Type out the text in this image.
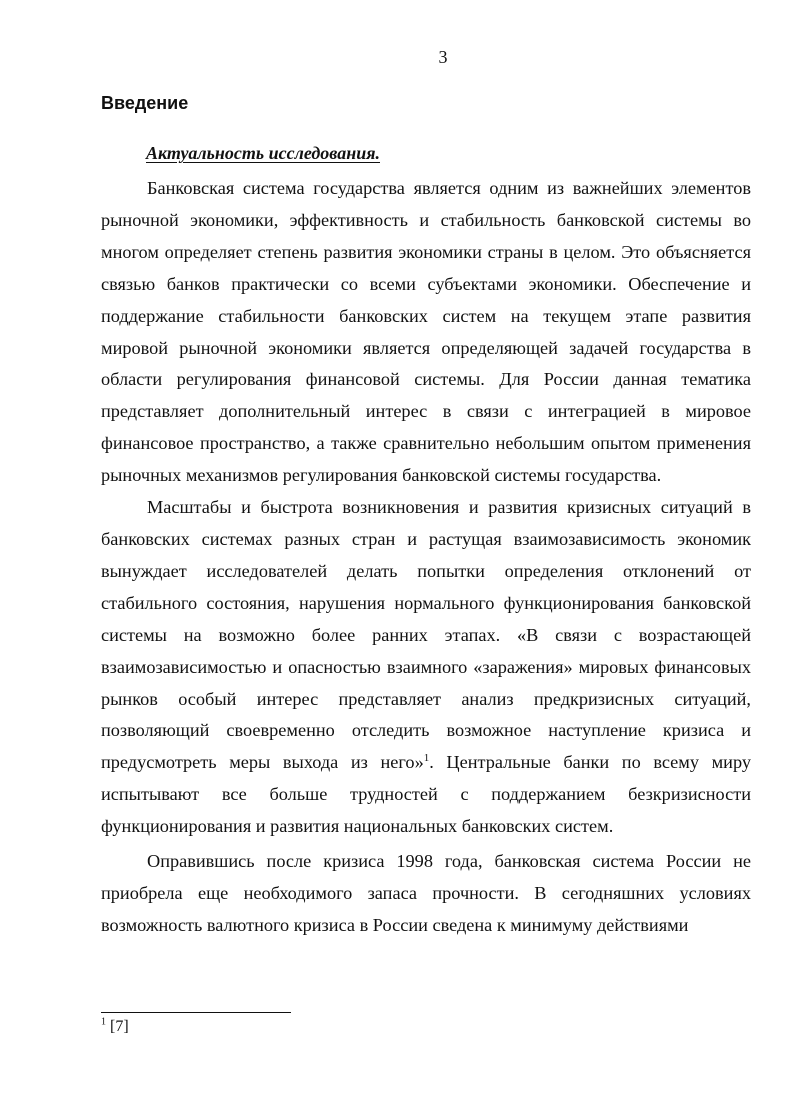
3
Введение
Актуальность исследования.

Банковская система государства является одним из важнейших элементов рыночной экономики, эффективность и стабильность банковской системы во многом определяет степень развития экономики страны в целом. Это объясняется связью банков практически со всеми субъектами экономики. Обеспечение и поддержание стабильности банковских систем на текущем этапе развития мировой рыночной экономики является определяющей задачей государства в области регулирования финансовой системы. Для России данная тематика представляет дополнительный интерес в связи с интеграцией в мировое финансовое пространство, а также сравнительно небольшим опытом применения рыночных механизмов регулирования банковской системы государства.

Масштабы и быстрота возникновения и развития кризисных ситуаций в банковских системах разных стран и растущая взаимозависимость экономик вынуждает исследователей делать попытки определения отклонений от стабильного состояния, нарушения нормального функционирования банковской системы на возможно более ранних этапах. «В связи с возрастающей взаимозависимостью и опасностью взаимного «заражения» мировых финансовых рынков особый интерес представляет анализ предкризисных ситуаций, позволяющий своевременно отследить возможное наступление кризиса и предусмотреть меры выхода из него»$^1$. Центральные банки по всему миру испытывают все больше трудностей с поддержанием безкризисности функционирования и развития национальных банковских систем.

Оправившись после кризиса 1998 года, банковская система России не приобрела еще необходимого запаса прочности. В сегодняшних условиях возможность валютного кризиса в России сведена к минимуму действиями

$^1$ [7]
